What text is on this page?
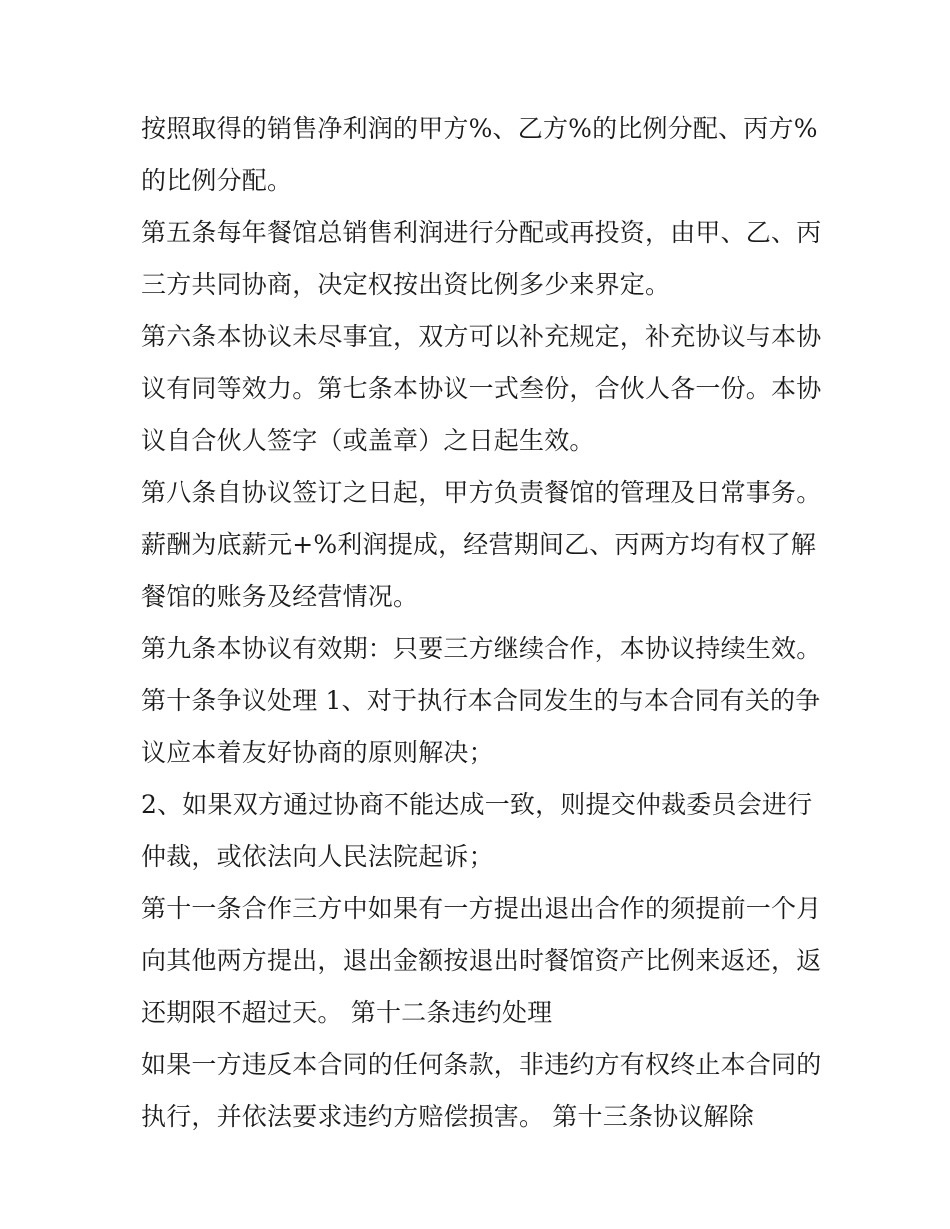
按照取得的销售净利润的甲方%、乙方%的比例分配、丙方%
的比例分配。
第五条每年餐馆总销售利润进行分配或再投资，由甲、乙、丙
三方共同协商，决定权按出资比例多少来界定。
第六条本协议未尽事宜，双方可以补充规定，补充协议与本协
议有同等效力。第七条本协议一式叁份，合伙人各一份。本协
议自合伙人签字（或盖章）之日起生效。
第八条自协议签订之日起，甲方负责餐馆的管理及日常事务。
薪酬为底薪元+%利润提成，经营期间乙、丙两方均有权了解
餐馆的账务及经营情况。
第九条本协议有效期：只要三方继续合作，本协议持续生效。
第十条争议处理 1、对于执行本合同发生的与本合同有关的争
议应本着友好协商的原则解决；
2、如果双方通过协商不能达成一致，则提交仲裁委员会进行
仲裁，或依法向人民法院起诉；
第十一条合作三方中如果有一方提出退出合作的须提前一个月
向其他两方提出，退出金额按退出时餐馆资产比例来返还，返
还期限不超过天。 第十二条违约处理
如果一方违反本合同的任何条款，非违约方有权终止本合同的
执行，并依法要求违约方赔偿损害。 第十三条协议解除
